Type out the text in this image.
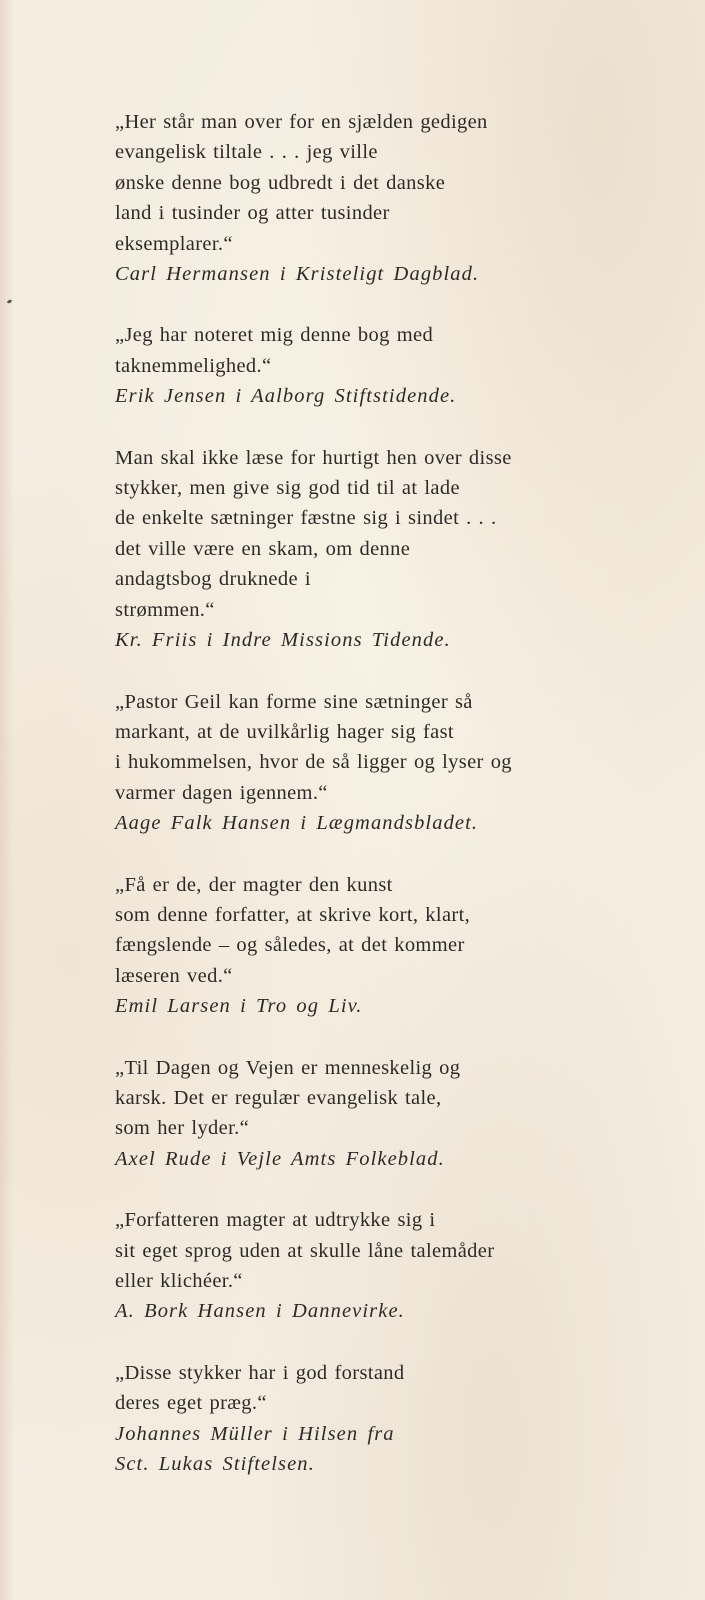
„Her står man over for en sjælden gedigen
evangelisk tiltale . . . jeg ville
ønske denne bog udbredt i det danske
land i tusinder og atter tusinder
eksemplarer.“
Carl Hermansen i Kristeligt Dagblad.
„Jeg har noteret mig denne bog med
taknemmelighed.“
Erik Jensen i Aalborg Stiftstidende.
Man skal ikke læse for hurtigt hen over disse
stykker, men give sig god tid til at lade
de enkelte sætninger fæstne sig i sindet . . .
det ville være en skam, om denne
andagtsbog druknede i
strømmen.“
Kr. Friis i Indre Missions Tidende.
„Pastor Geil kan forme sine sætninger så
markant, at de uvilkårlig hager sig fast
i hukommelsen, hvor de så ligger og lyser og
varmer dagen igennem.“
Aage Falk Hansen i Lægmandsbladet.
„Få er de, der magter den kunst
som denne forfatter, at skrive kort, klart,
fængslende – og således, at det kommer
læseren ved.“
Emil Larsen i Tro og Liv.
„Til Dagen og Vejen er menneskelig og
karsk. Det er regulær evangelisk tale,
som her lyder.“
Axel Rude i Vejle Amts Folkeblad.
„Forfatteren magter at udtrykke sig i
sit eget sprog uden at skulle låne talemåder
eller klichéer.“
A. Bork Hansen i Dannevirke.
„Disse stykker har i god forstand
deres eget præg.“
Johannes Müller i Hilsen fra
Sct. Lukas Stiftelsen.
